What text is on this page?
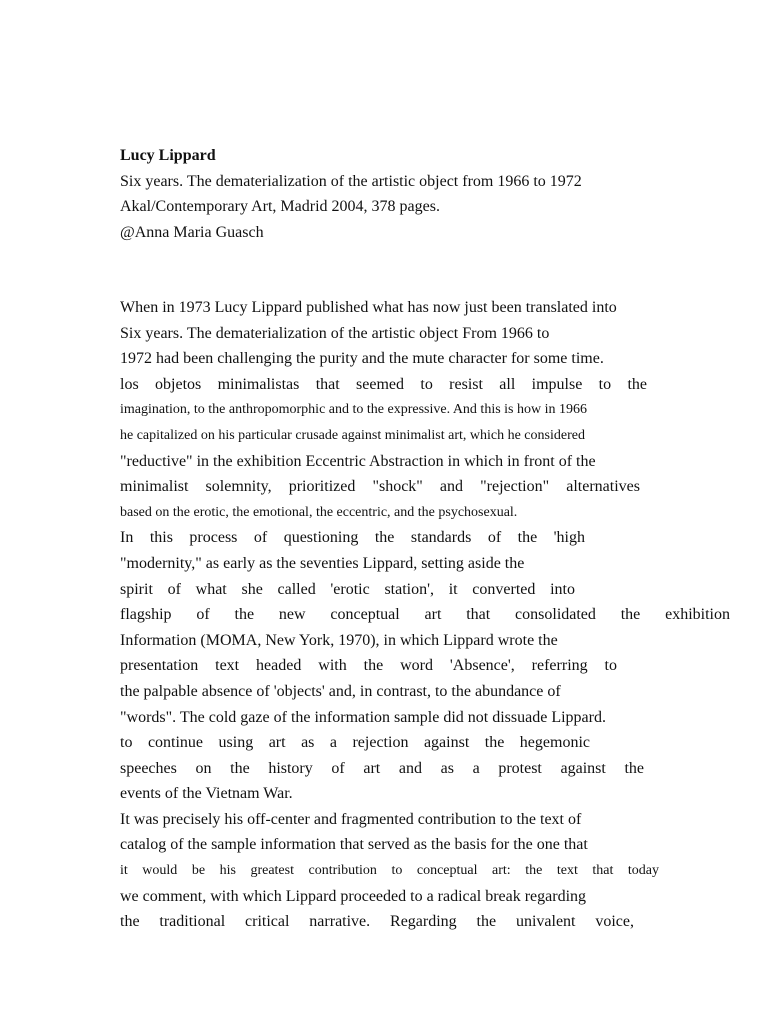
Lucy Lippard
Six years. The dematerialization of the artistic object from 1966 to 1972
Akal/Contemporary Art, Madrid 2004, 378 pages.
@Anna Maria Guasch
When in 1973 Lucy Lippard published what has now just been translated into
Six years. The dematerialization of the artistic object From 1966 to
1972 had been challenging the purity and the mute character for some time.
los objetos minimalistas that seemed to resist all impulse to the
imagination, to the anthropomorphic and to the expressive. And this is how in 1966
he capitalized on his particular crusade against minimalist art, which he considered
"reductive" in the exhibition Eccentric Abstraction in which in front of the
minimalist solemnity, prioritized "shock" and "rejection" alternatives
based on the erotic, the emotional, the eccentric, and the psychosexual.
In this process of questioning the standards of the 'high
"modernity," as early as the seventies Lippard, setting aside the
spirit of what she called 'erotic station', it converted into
flagship of the new conceptual art that consolidated the exhibition
Information (MOMA, New York, 1970), in which Lippard wrote the
presentation text headed with the word 'Absence', referring to
the palpable absence of 'objects' and, in contrast, to the abundance of
"words". The cold gaze of the information sample did not dissuade Lippard.
to continue using art as a rejection against the hegemonic
speeches on the history of art and as a protest against the
events of the Vietnam War.
It was precisely his off-center and fragmented contribution to the text of
catalog of the sample information that served as the basis for the one that
it would be his greatest contribution to conceptual art: the text that today
we comment, with which Lippard proceeded to a radical break regarding
the traditional critical narrative. Regarding the univalent voice,
